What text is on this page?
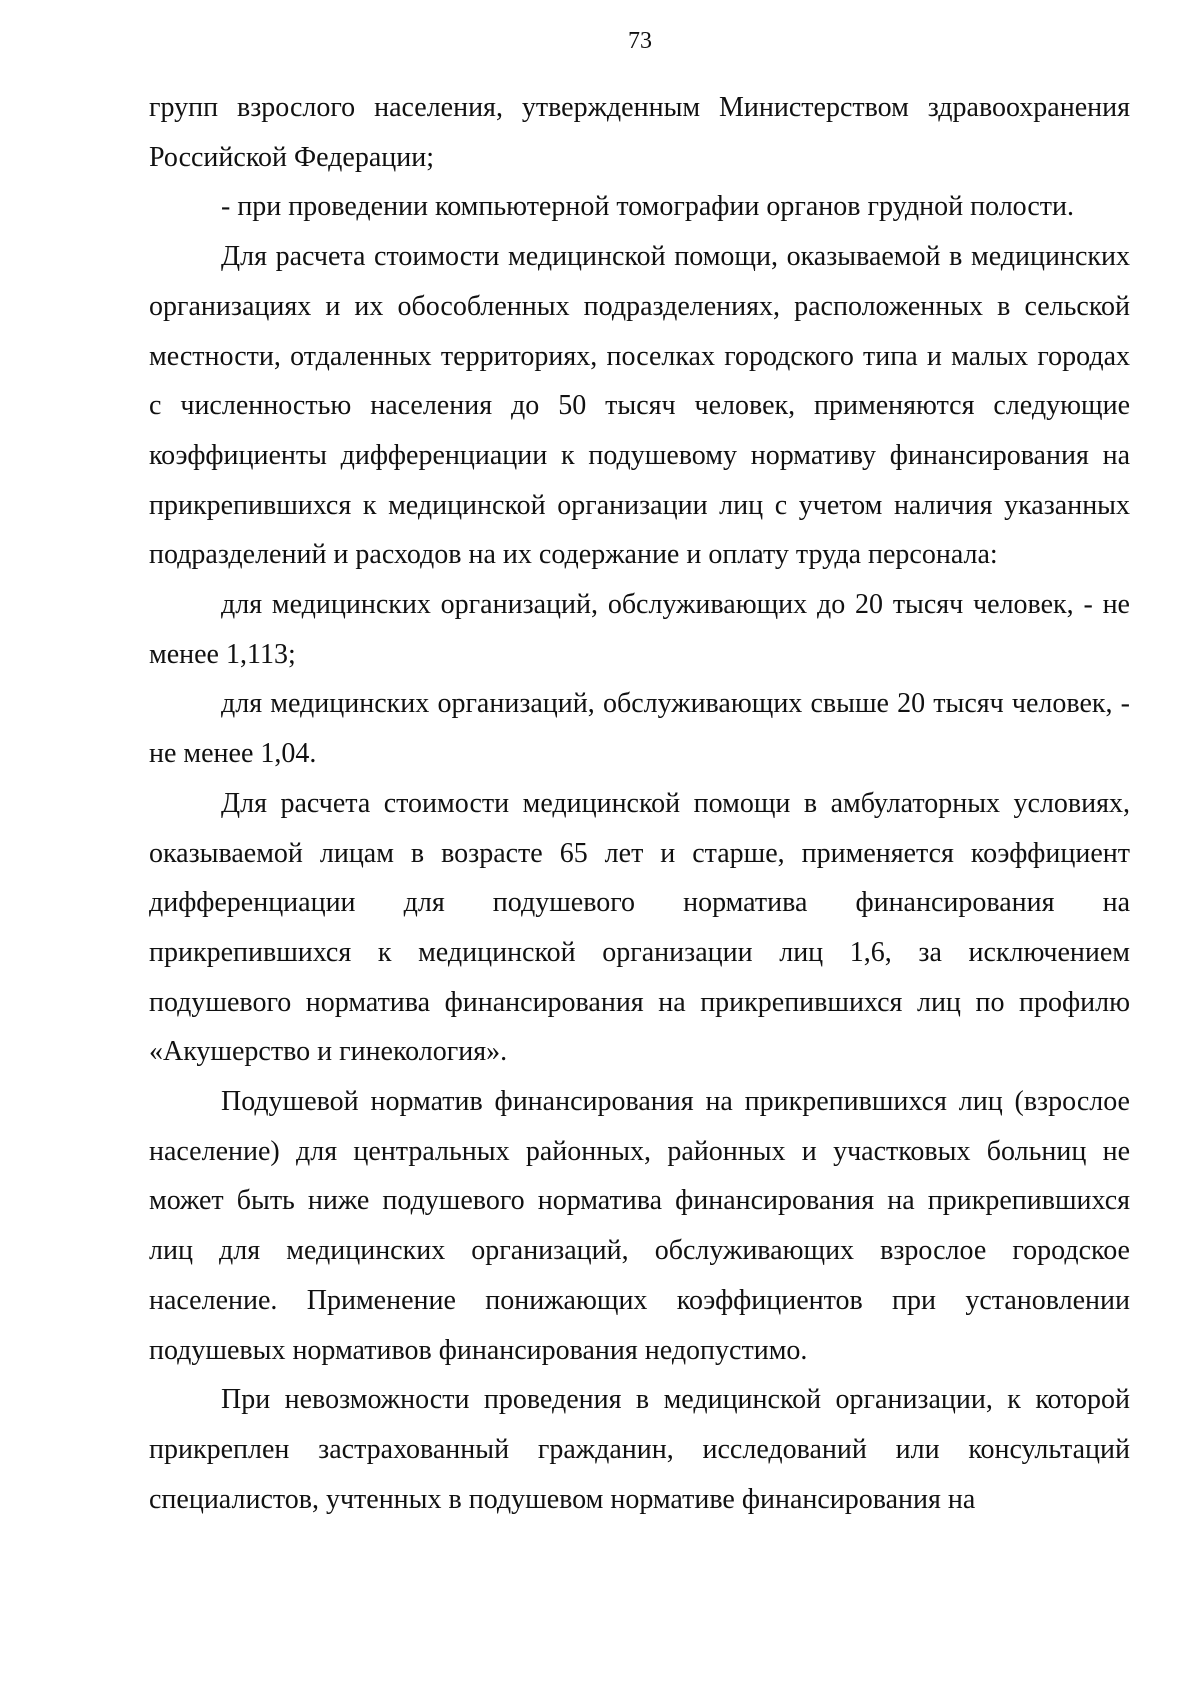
73

групп взрослого населения, утвержденным Министерством здравоохранения Российской Федерации;

- при проведении компьютерной томографии органов грудной полости.

Для расчета стоимости медицинской помощи, оказываемой в медицинских организациях и их обособленных подразделениях, расположенных в сельской местности, отдаленных территориях, поселках городского типа и малых городах с численностью населения до 50 тысяч человек, применяются следующие коэффициенты дифференциации к подушевому нормативу финансирования на прикрепившихся к медицинской организации лиц с учетом наличия указанных подразделений и расходов на их содержание и оплату труда персонала:

для медицинских организаций, обслуживающих до 20 тысяч человек, - не менее 1,113;

для медицинских организаций, обслуживающих свыше 20 тысяч человек, - не менее 1,04.

Для расчета стоимости медицинской помощи в амбулаторных условиях, оказываемой лицам в возрасте 65 лет и старше, применяется коэффициент дифференциации для подушевого норматива финансирования на прикрепившихся к медицинской организации лиц 1,6, за исключением подушевого норматива финансирования на прикрепившихся лиц по профилю «Акушерство и гинекология».

Подушевой норматив финансирования на прикрепившихся лиц (взрослое население) для центральных районных, районных и участковых больниц не может быть ниже подушевого норматива финансирования на прикрепившихся лиц для медицинских организаций, обслуживающих взрослое городское население. Применение понижающих коэффициентов при установлении подушевых нормативов финансирования недопустимо.

При невозможности проведения в медицинской организации, к которой прикреплен застрахованный гражданин, исследований или консультаций специалистов, учтенных в подушевом нормативе финансирования на
